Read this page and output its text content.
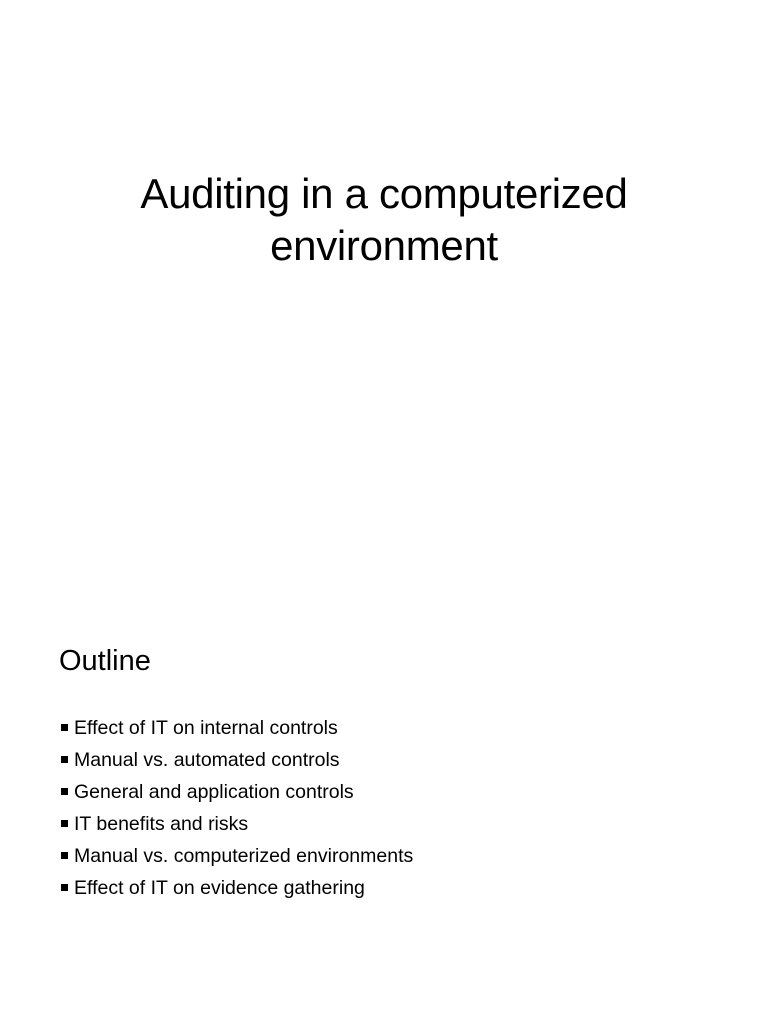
Auditing in a computerized
environment
Outline
Effect of IT on internal controls
Manual vs. automated controls
General and application controls
IT benefits and risks
Manual vs. computerized environments
Effect of IT on evidence gathering
